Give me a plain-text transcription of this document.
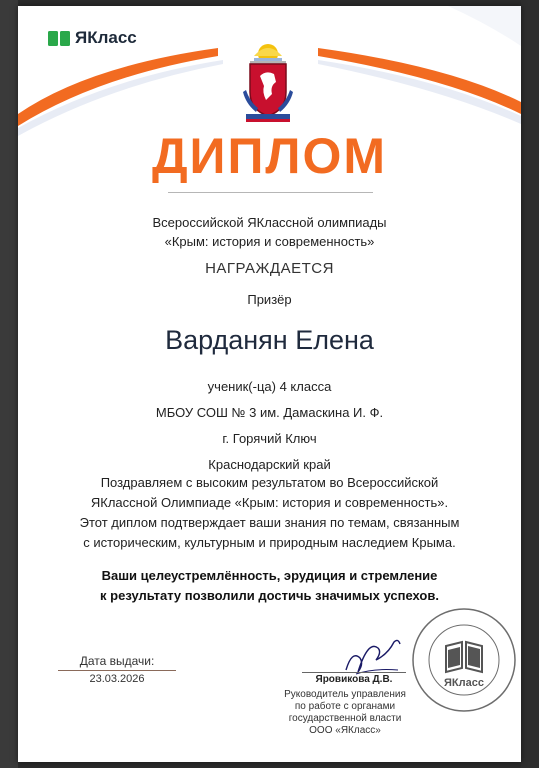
ЯКласс
ДИПЛОМ
Всероссийской ЯКлассной олимпиады
«Крым: история и современность»
НАГРАЖДАЕТСЯ
Призёр
Варданян Елена
ученик(-ца) 4 класса
МБОУ СОШ № 3 им. Дамаскина И. Ф.
г. Горячий Ключ
Краснодарский край
Поздравляем с высоким результатом во Всероссийской
ЯКлассной Олимпиаде «Крым: история и современность».
Этот диплом подтверждает ваши знания по темам, связанным
с историческим, культурным и природным наследием Крыма.
Ваши целеустремлённость, эрудиция и стремление
к результату позволили достичь значимых успехов.
Дата выдачи:
23.03.2026	Яровикова Д.В.
Руководитель управления
по работе с органами
государственной власти
ООО «ЯКласс»
ЯКласс
